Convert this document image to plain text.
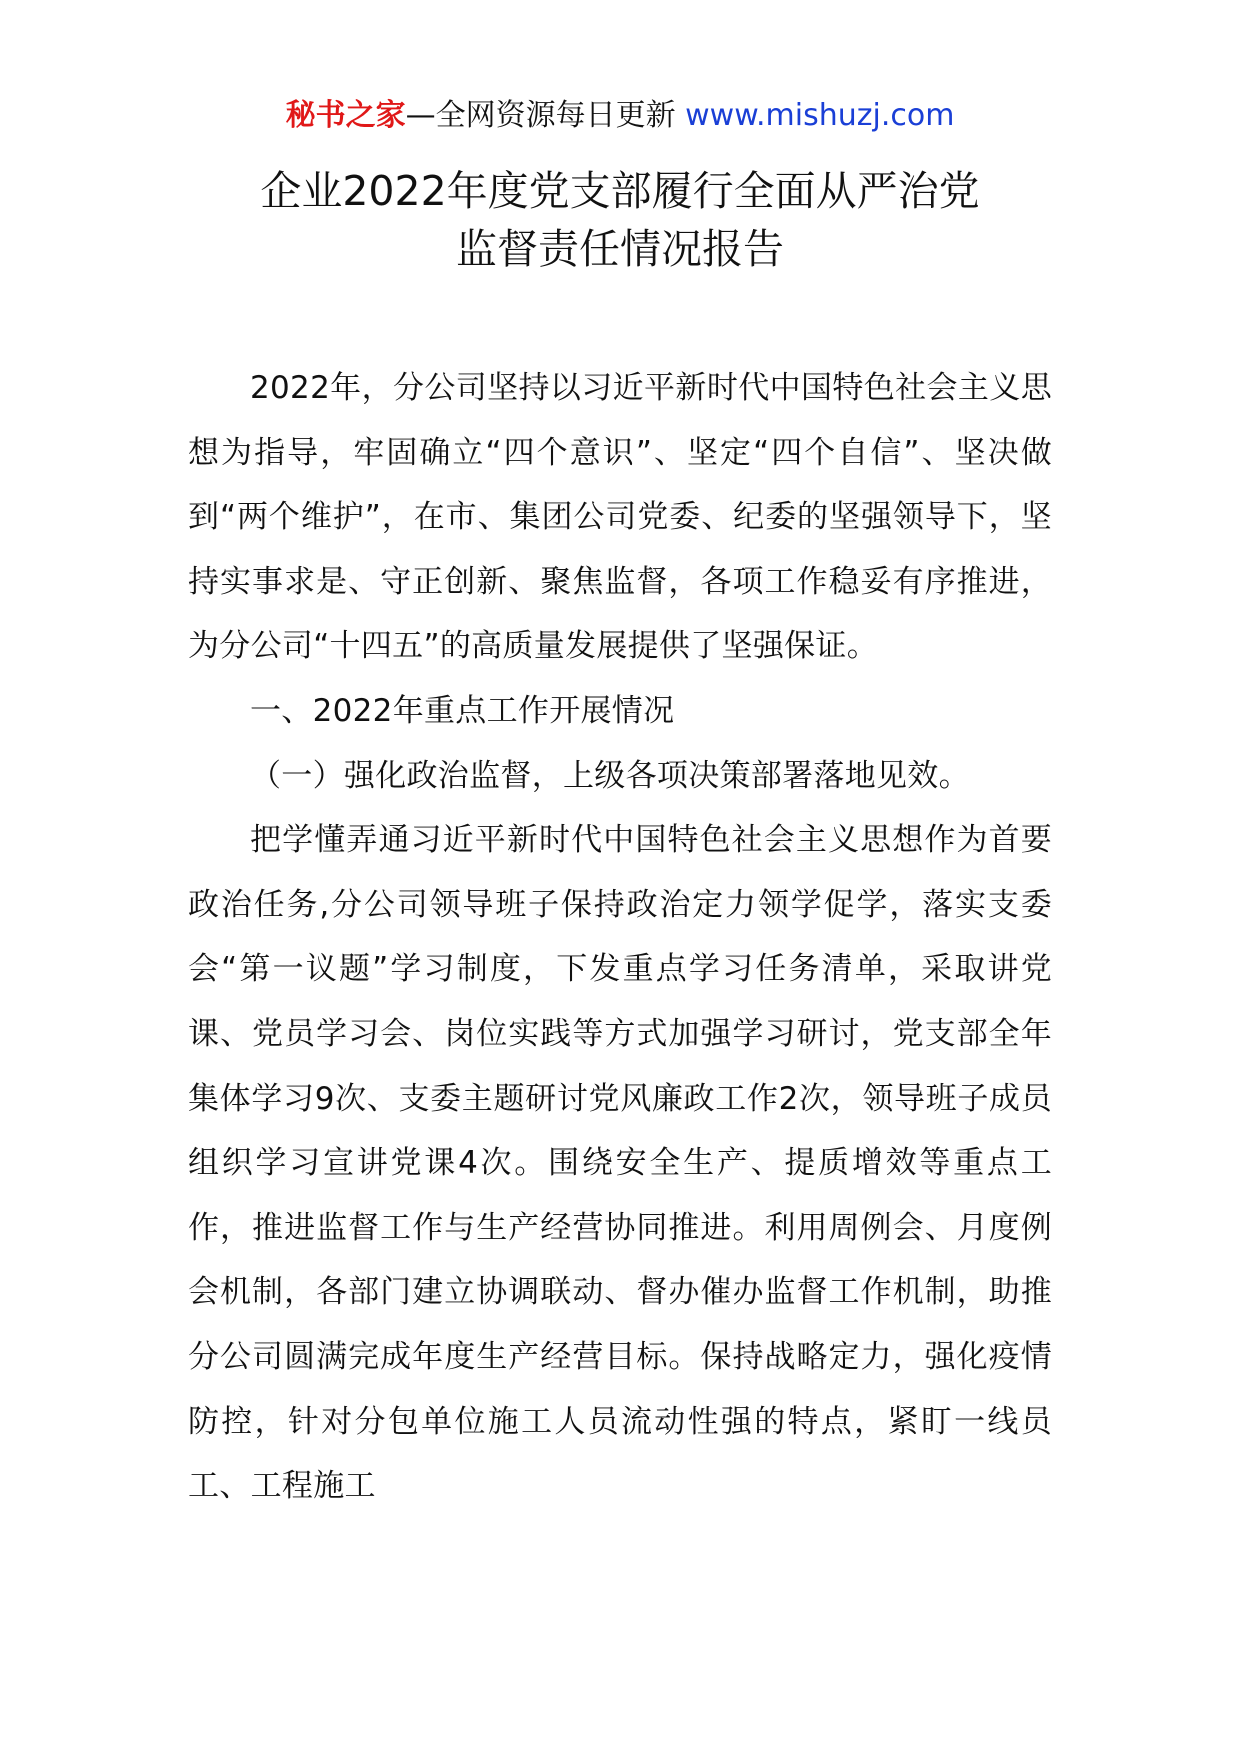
秘书之家—全网资源每日更新 www.mishuzj.com
企业2022年度党支部履行全面从严治党
监督责任情况报告

2022年，分公司坚持以习近平新时代中国特色社会主义思想为指导，牢固确立“四个意识”、坚定“四个自信”、坚决做到“两个维护”，在市、集团公司党委、纪委的坚强领导下，坚持实事求是、守正创新、聚焦监督，各项工作稳妥有序推进，为分公司“十四五”的高质量发展提供了坚强保证。

一、2022年重点工作开展情况

（一）强化政治监督，上级各项决策部署落地见效。

把学懂弄通习近平新时代中国特色社会主义思想作为首要政治任务,分公司领导班子保持政治定力领学促学，落实支委会“第一议题”学习制度，下发重点学习任务清单，采取讲党课、党员学习会、岗位实践等方式加强学习研讨，党支部全年集体学习9次、支委主题研讨党风廉政工作2次，领导班子成员组织学习宣讲党课4次。围绕安全生产、提质增效等重点工作，推进监督工作与生产经营协同推进。利用周例会、月度例会机制，各部门建立协调联动、督办催办监督工作机制，助推分公司圆满完成年度生产经营目标。保持战略定力，强化疫情防控，针对分包单位施工人员流动性强的特点，紧盯一线员工、工程施工
